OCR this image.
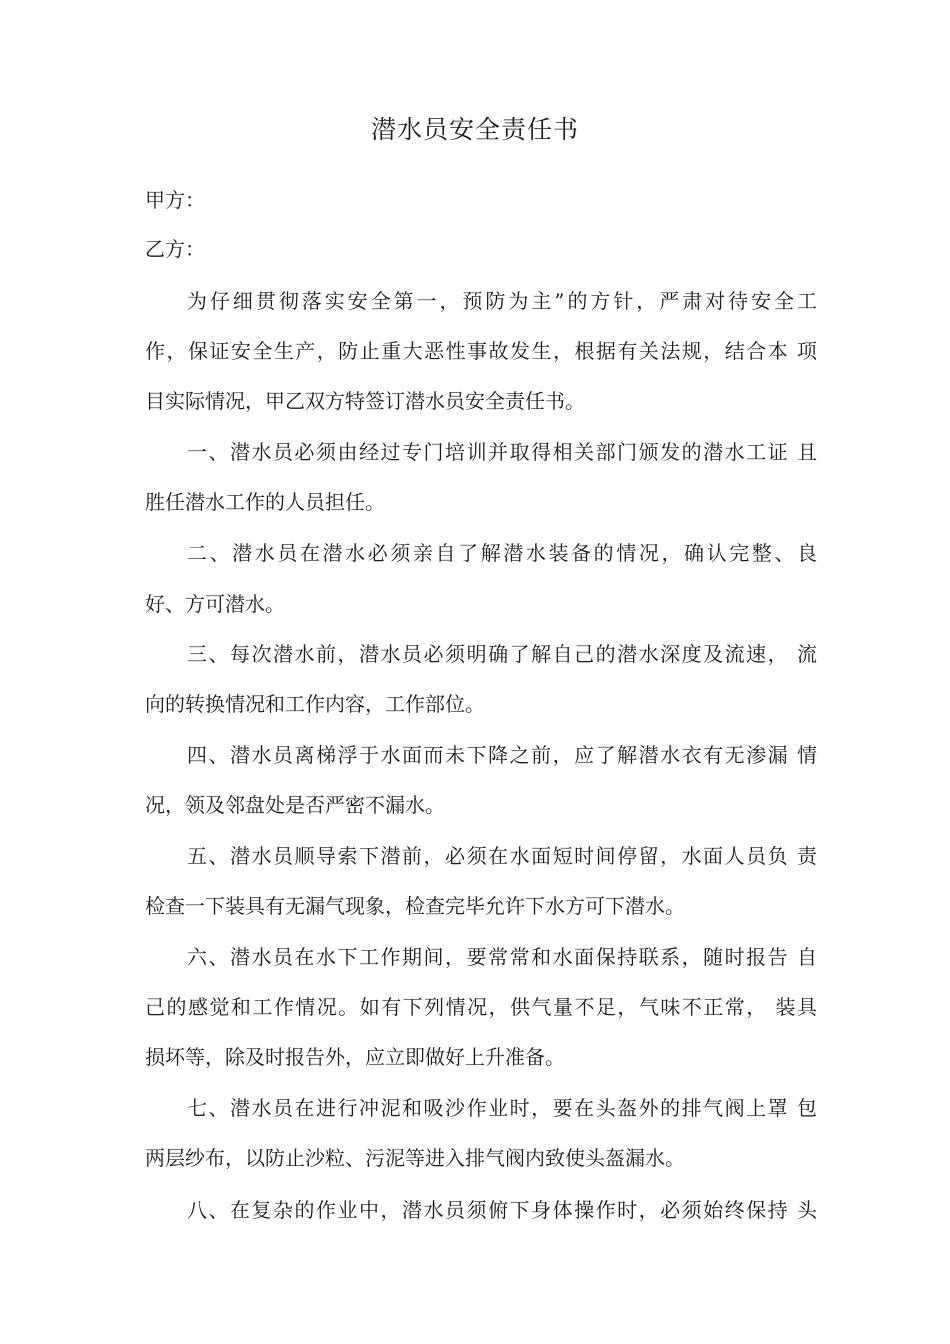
潜水员安全责任书
甲方：
乙方：
为仔细贯彻落实安全第一，预防为主”的方针，严肃对待安全工
作，保证安全生产，防止重大恶性事故发生，根据有关法规，结合本 项
目实际情况，甲乙双方特签订潜水员安全责任书。
一、潜水员必须由经过专门培训并取得相关部门颁发的潜水工证 且
胜任潜水工作的人员担任。
二、潜水员在潜水必须亲自了解潜水装备的情况，确认完整、良
好、方可潜水。
三、每次潜水前，潜水员必须明确了解自己的潜水深度及流速， 流
向的转换情况和工作内容，工作部位。
四、潜水员离梯浮于水面而未下降之前，应了解潜水衣有无渗漏 情
况，领及邻盘处是否严密不漏水。
五、潜水员顺导索下潜前，必须在水面短时间停留，水面人员负 责
检查一下装具有无漏气现象，检查完毕允许下水方可下潜水。
六、潜水员在水下工作期间，要常常和水面保持联系，随时报告 自
己的感觉和工作情况。如有下列情况，供气量不足，气味不正常， 装具
损坏等，除及时报告外，应立即做好上升准备。
七、潜水员在进行冲泥和吸沙作业时，要在头盔外的排气阀上罩 包
两层纱布，以防止沙粒、污泥等进入排气阀内致使头盔漏水。
八、在复杂的作业中，潜水员须俯下身体操作时，必须始终保持 头
